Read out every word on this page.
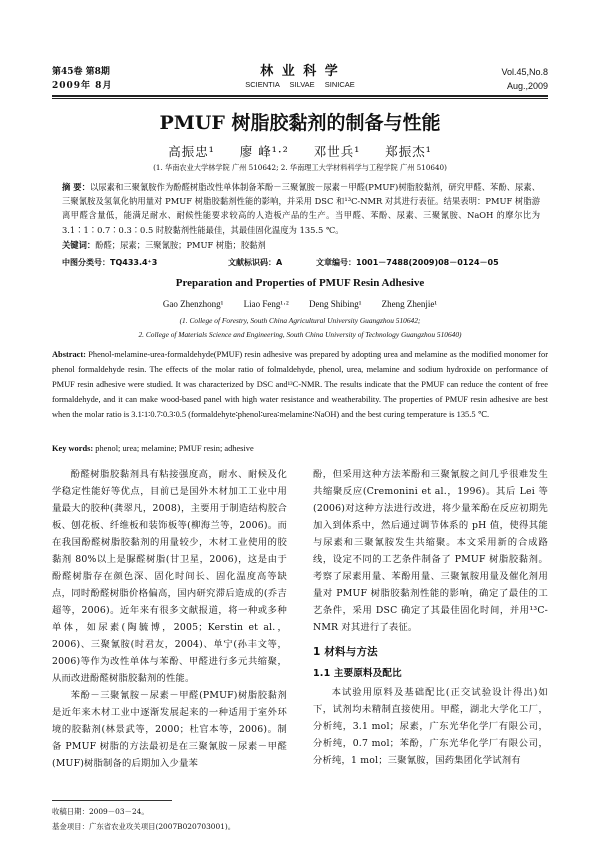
第45卷 第8期
2009年 8月
林 业 科 学
SCIENTIA SILVAE SINICAE
Vol.45,No.8
Aug.,2009
PMUF 树脂胶黏剂的制备与性能
高振忠¹ 廖 峰¹·² 邓世兵¹ 郑振杰¹
(1. 华南农业大学林学院 广州 510642; 2. 华南理工大学材料科学与工程学院 广州 510640)
摘 要：以尿素和三聚氰胺作为酚醛树脂改性单体制备苯酚－三聚氰胺－尿素－甲醛(PMUF)树脂胶黏剂，研究甲醛、苯酚、尿素、三聚氰胺及氢氧化钠用量对 PMUF 树脂胶黏剂性能的影响，并采用 DSC 和¹³C-NMR 对其进行表征。结果表明：PMUF 树脂游离甲醛含量低，能满足耐水、耐候性能要求较高的人造板产品的生产。当甲醛、苯酚、尿素、三聚氰胺、NaOH 的摩尔比为 3.1∶1∶0.7∶0.3∶0.5 时胶黏剂性能最佳，其最佳固化温度为 135.5 ℃。
关键词：酚醛；尿素；三聚氰胺；PMUF 树脂；胶黏剂
中图分类号：TQ433.4⁺3	文献标识码：A	文章编号：1001－7488(2009)08－0124－05
Preparation and Properties of PMUF Resin Adhesive
Gao Zhenzhong¹ Liao Feng¹·² Deng Shibing¹ Zheng Zhenjie¹
(1. College of Forestry, South China Agricultural University Guangzhou 510642;
2. College of Materials Science and Engineering, South China University of Technology Guangzhou 510640)
Abstract: Phenol-melamine-urea-formaldehyde(PMUF) resin adhesive was prepared by adopting urea and melamine as the modified monomer for phenol formaldehyde resin. The effects of the molar ratio of folmaldehyde, phenol, urea, melamine and sodium hydroxide on performance of PMUF resin adhesive were studied. It was characterized by DSC and¹³C-NMR. The results indicate that the PMUF can reduce the content of free formaldehyde, and it can make wood-based panel with high water resistance and weatherability. The properties of PMUF resin adhesive are best when the molar ratio is 3.1∶1∶0.7∶0.3∶0.5 (formaldehyte∶phenol∶urea∶melamine∶NaOH) and the best curing temperature is 135.5 ℃.
Key words: phenol; urea; melamine; PMUF resin; adhesive

酚醛树脂胶黏剂具有粘接强度高，耐水、耐候及化学稳定性能好等优点，目前已是国外木材加工工业中用量最大的胶种(龚翠凡，2008)，主要用于制造结构胶合板、刨花板、纤维板和装饰板等(柳海兰等，2006)。而在我国酚醛树脂胶黏剂的用量较少，木材工业使用的胶黏剂 80%以上是脲醛树脂(甘卫星，2006)，这是由于酚醛树脂存在颜色深、固化时间长、固化温度高等缺点，同时酚醛树脂价格偏高，国内研究滞后造成的(乔吉超等，2006)。近年来有很多文献报道，将一种或多种单体，如尿素(陶毓博，2005；Kerstin et al.，2006)、三聚氰胺(时君友，2004)、单宁(孙丰文等，2006)等作为改性单体与苯酚、甲醛进行多元共缩聚，从而改进酚醛树脂胶黏剂的性能。

苯酚－三聚氰胺－尿素－甲醛(PMUF)树脂胶黏剂是近年来木材工业中逐渐发展起来的一种适用于室外环境的胶黏剂(林景武等，2000；杜官本等，2006)。制备 PMUF 树脂的方法最初是在三聚氰胺－尿素－甲醛(MUF)树脂制备的后期加入少量苯

酚，但采用这种方法苯酚和三聚氰胺之间几乎很难发生共缩聚反应(Cremonini et al.，1996)。其后 Lei 等(2006)对这种方法进行改进，将少量苯酚在反应初期先加入到体系中，然后通过调节体系的 pH 值，使得其能与尿素和三聚氰胺发生共缩聚。本文采用新的合成路线，设定不同的工艺条件制备了 PMUF 树脂胶黏剂。考察了尿素用量、苯酚用量、三聚氰胺用量及催化剂用量对 PMUF 树脂胶黏剂性能的影响，确定了最佳的工艺条件，采用 DSC 确定了其最佳固化时间，并用¹³C-NMR 对其进行了表征。

1 材料与方法
1.1 主要原料及配比

本试验用原料及基础配比(正交试验设计得出)如下，试剂均未精制直接使用。甲醛，湖北大学化工厂，分析纯，3.1 mol；尿素，广东光华化学厂有限公司，分析纯，0.7 mol；苯酚，广东光华化学厂有限公司，分析纯，1 mol；三聚氰胺，国药集团化学试剂有

收稿日期：2009－03－24。
基金项目：广东省农业攻关项目(2007B020703001)。
